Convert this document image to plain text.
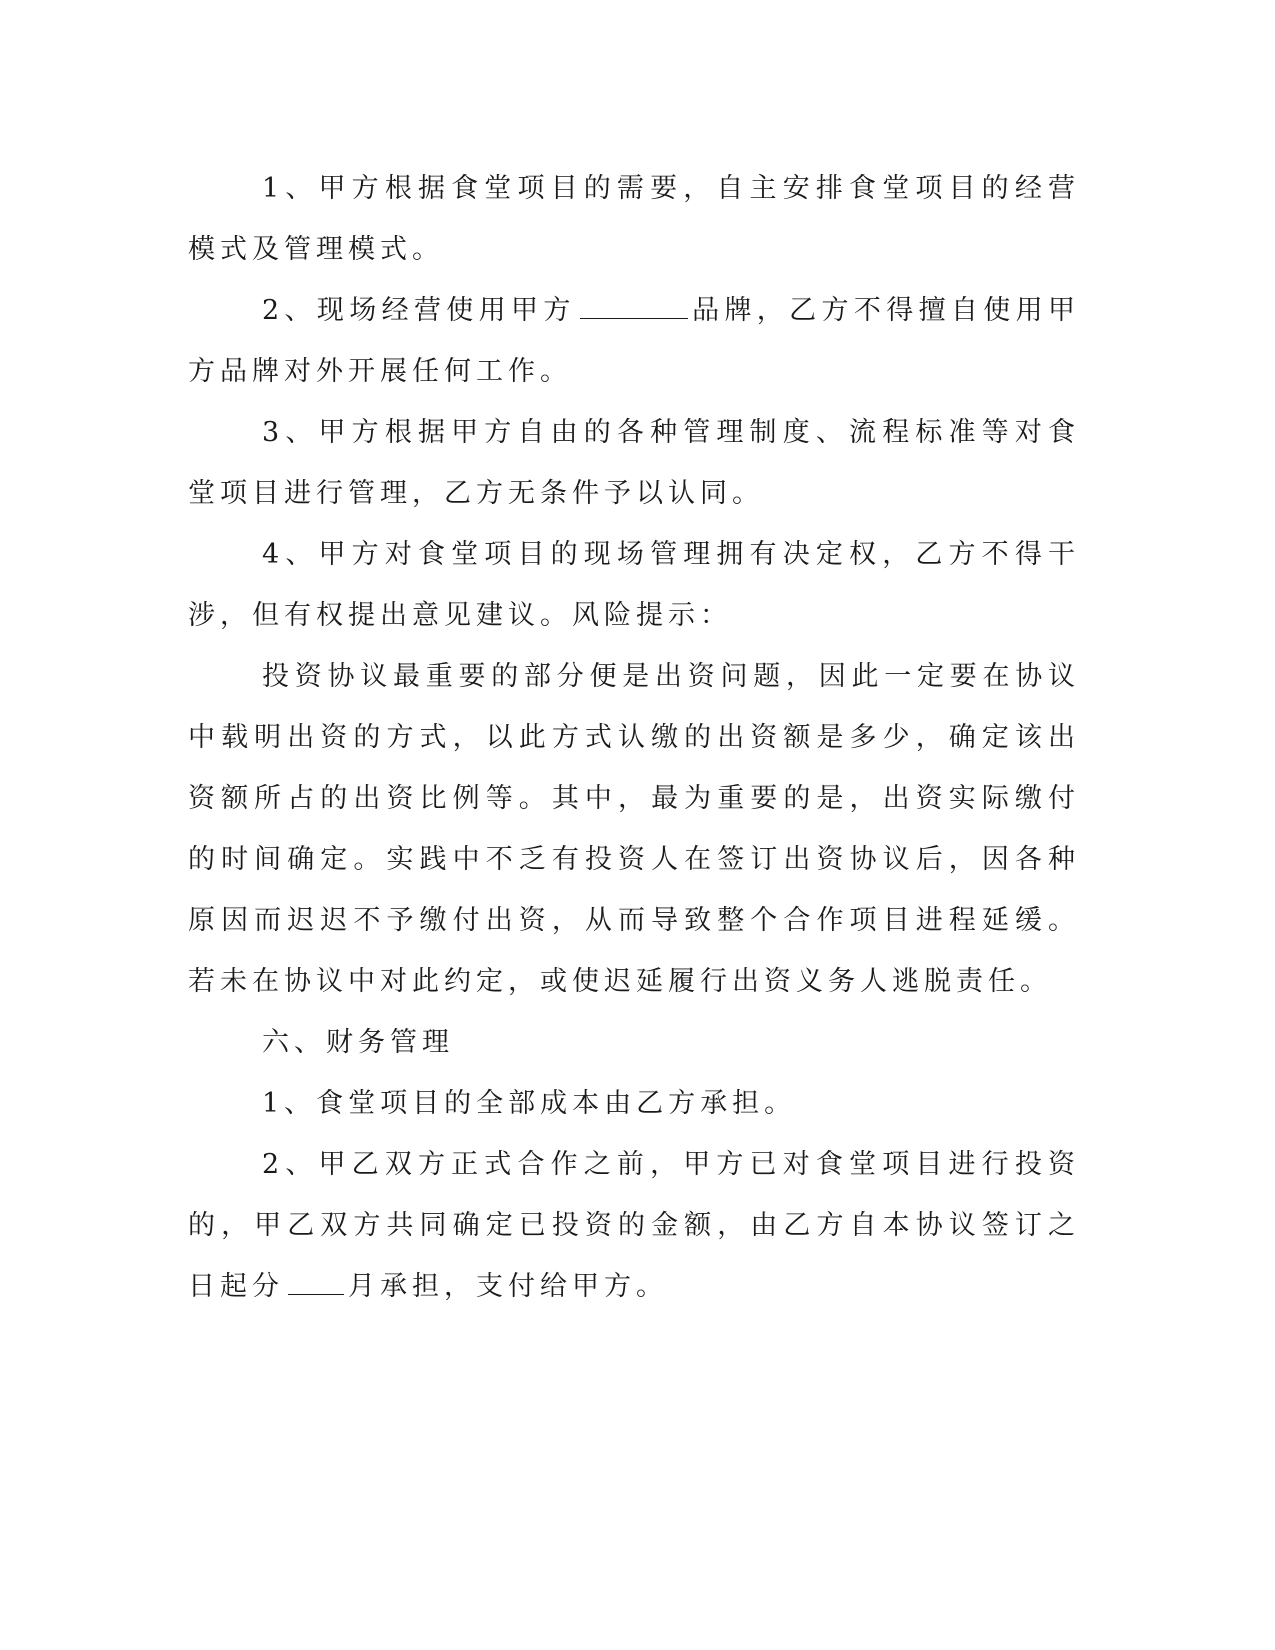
1、甲方根据食堂项目的需要，自主安排食堂项目的经营模式及管理模式。

2、现场经营使用甲方	品牌，乙方不得擅自使用甲方品牌对外开展任何工作。

3、甲方根据甲方自由的各种管理制度、流程标准等对食堂项目进行管理，乙方无条件予以认同。

4、甲方对食堂项目的现场管理拥有决定权，乙方不得干涉，但有权提出意见建议。风险提示：

投资协议最重要的部分便是出资问题，因此一定要在协议中载明出资的方式，以此方式认缴的出资额是多少，确定该出资额所占的出资比例等。其中，最为重要的是，出资实际缴付的时间确定。实践中不乏有投资人在签订出资协议后，因各种原因而迟迟不予缴付出资，从而导致整个合作项目进程延缓。若未在协议中对此约定，或使迟延履行出资义务人逃脱责任。

六、财务管理

1、食堂项目的全部成本由乙方承担。

2、甲乙双方正式合作之前，甲方已对食堂项目进行投资的，甲乙双方共同确定已投资的金额，由乙方自本协议签订之日起分 月承担，支付给甲方。
